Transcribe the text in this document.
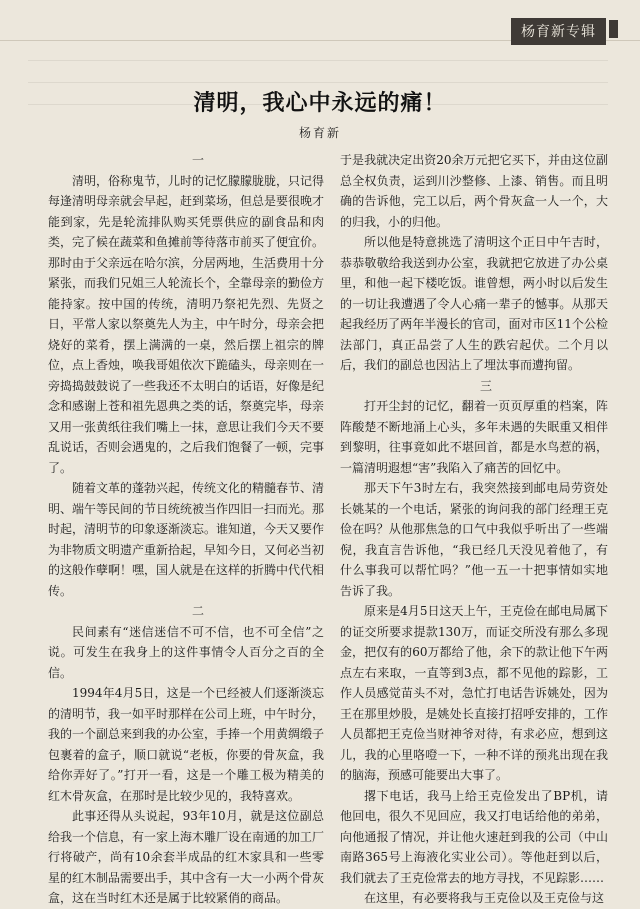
杨育新专辑
清明，我心中永远的痛！
杨育新

一

清明，俗称鬼节，儿时的记忆朦朦胧胧，只记得每逢清明母亲就会早起，赶到菜场，但总是要很晚才能到家，先是轮流排队购买凭票供应的副食品和肉类，完了候在蔬菜和鱼摊前等待落市前买了便宜价。那时由于父亲远在哈尔滨，分居两地，生活费用十分紧张，而我们兄姐三人轮流长个，全靠母亲的勤俭方能持家。按中国的传统，清明乃祭祀先烈、先贤之日，平常人家以祭奠先人为主，中午时分，母亲会把烧好的菜肴，摆上满满的一桌，然后摆上祖宗的牌位，点上香烛，唤我哥姐依次下跪磕头，母亲则在一旁捣捣鼓鼓说了一些我还不太明白的话语，好像是纪念和感谢上苍和祖先恩典之类的话，祭奠完毕，母亲又用一张黄纸往我们嘴上一抹，意思让我们今天不要乱说话，否则会遇鬼的，之后我们饱餐了一顿，完事了。

随着文革的蓬勃兴起，传统文化的精髓春节、清明、端午等民间的节日统统被当作四旧一扫而光。那时起，清明节的印象逐渐淡忘。谁知道，今天又要作为非物质文明遗产重新拾起，早知今日，又何必当初的这般作孽啊！嘿，国人就是在这样的折腾中代代相传。

二

民间素有“迷信迷信不可不信，也不可全信”之说。可发生在我身上的这件事情令人百分之百的全信。

1994年4月5日，这是一个已经被人们逐渐淡忘的清明节，我一如平时那样在公司上班，中午时分，我的一个副总来到我的办公室，手捧一个用黄绸缎子包裹着的盒子，顺口就说“老板，你要的骨灰盒，我给你弄好了。”打开一看，这是一个雕工极为精美的红木骨灰盒，在那时是比较少见的，我特喜欢。

此事还得从头说起，93年10月，就是这位副总给我一个信息，有一家上海木雕厂设在南通的加工厂行将破产，尚有10余套半成品的红木家具和一些零星的红木制品需要出手，其中含有一大一小两个骨灰盒，这在当时红木还是属于比较紧俏的商品。

于是我就决定出资20余万元把它买下，并由这位副总全权负责，运到川沙整修、上漆、销售。而且明确的告诉他，完工以后，两个骨灰盒一人一个，大的归我，小的归他。

所以他是特意挑选了清明这个正日中午吉时，恭恭敬敬给我送到办公室，我就把它放进了办公桌里，和他一起下楼吃饭。谁曾想，两小时以后发生的一切让我遭遇了令人心痛一辈子的憾事。从那天起我经历了两年半漫长的官司，面对市区11个公检法部门，真正品尝了人生的跌宕起伏。二个月以后，我们的副总也因沾上了埋汰事而遭拘留。

三

打开尘封的记忆，翻着一页页厚重的档案，阵阵酸楚不断地涌上心头，多年未遇的失眠重又相伴到黎明，往事竟如此不堪回首，都是水鸟惹的祸，一篇清明遐想“害”我陷入了痛苦的回忆中。

那天下午3时左右，我突然接到邮电局劳资处长姚某的一个电话，紧张的询问我的部门经理王克俭在吗？从他那焦急的口气中我似乎听出了一些端倪，我直言告诉他，“我已经几天没见着他了，有什么事我可以帮忙吗？”他一五一十把事情如实地告诉了我。

原来是4月5日这天上午，王克俭在邮电局属下的证交所要求提款130万，而证交所没有那么多现金，把仅有的60万都给了他，余下的款让他下午两点左右来取，一直等到3点，都不见他的踪影，工作人员感觉苗头不对，急忙打电话告诉姚处，因为王在那里炒股，是姚处长直接打招呼安排的，工作人员都把王克俭当财神爷对待，有求必应，想到这儿，我的心里咯噔一下，一种不详的预兆出现在我的脑海，预感可能要出大事了。

撂下电话，我马上给王克俭发出了BP机，请他回电，很久不见回应，我又打电话给他的弟弟，向他通报了情况，并让他火速赶到我的公司（中山南路365号上海液化实业公司）。等他赶到以后，我们就去了王克俭常去的地方寻找，不见踪影……

在这里，有必要将我与王克俭以及王克俭与这
